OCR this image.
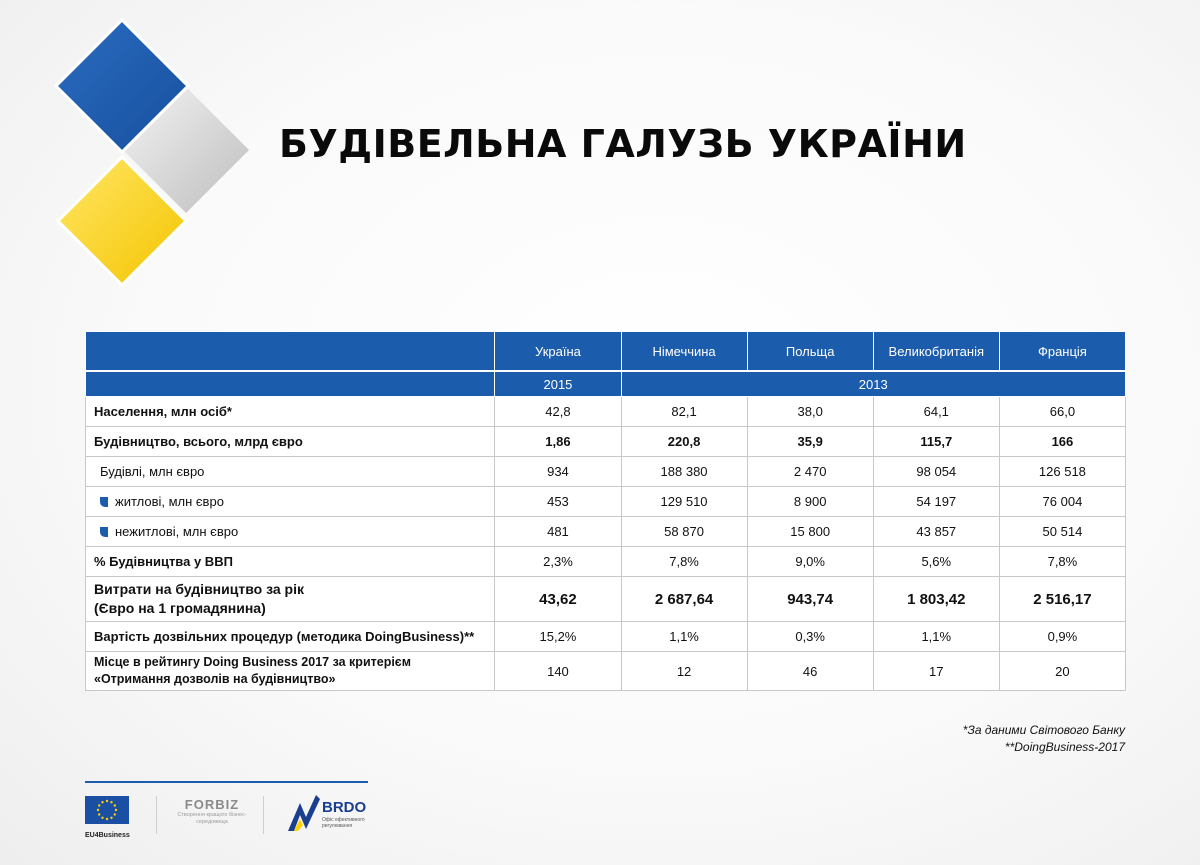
БУДІВЕЛЬНА ГАЛУЗЬ УКРАЇНИ
	Україна	Німеччина	Польща	Великобританія	Франція
	2015	2013			
Населення, млн осіб*	42,8	82,1	38,0	64,1	66,0
Будівництво, всього, млрд євро	1,86	220,8	35,9	115,7	166
Будівлі, млн євро	934	188 380	2 470	98 054	126 518
житлові, млн євро	453	129 510	8 900	54 197	76 004
нежитлові, млн євро	481	58 870	15 800	43 857	50 514
% Будівництва у ВВП	2,3%	7,8%	9,0%	5,6%	7,8%
Витрати на будівництво за рік
(Євро на 1 громадянина)	43,62	2 687,64	943,74	1 803,42	2 516,17
Вартість дозвільних процедур (методика DoingBusiness)**	15,2%	1,1%	0,3%	1,1%	0,9%
Місце в рейтингу Doing Business 2017 за критерієм
«Отримання дозволів на будівництво»	140	12	46	17	20
*За даними Світового Банку
**DoingBusiness-2017
EU4Business
FORBIZ
Створення кращого бізнес-середовища
BRDO
Офіс ефективного регулювання
